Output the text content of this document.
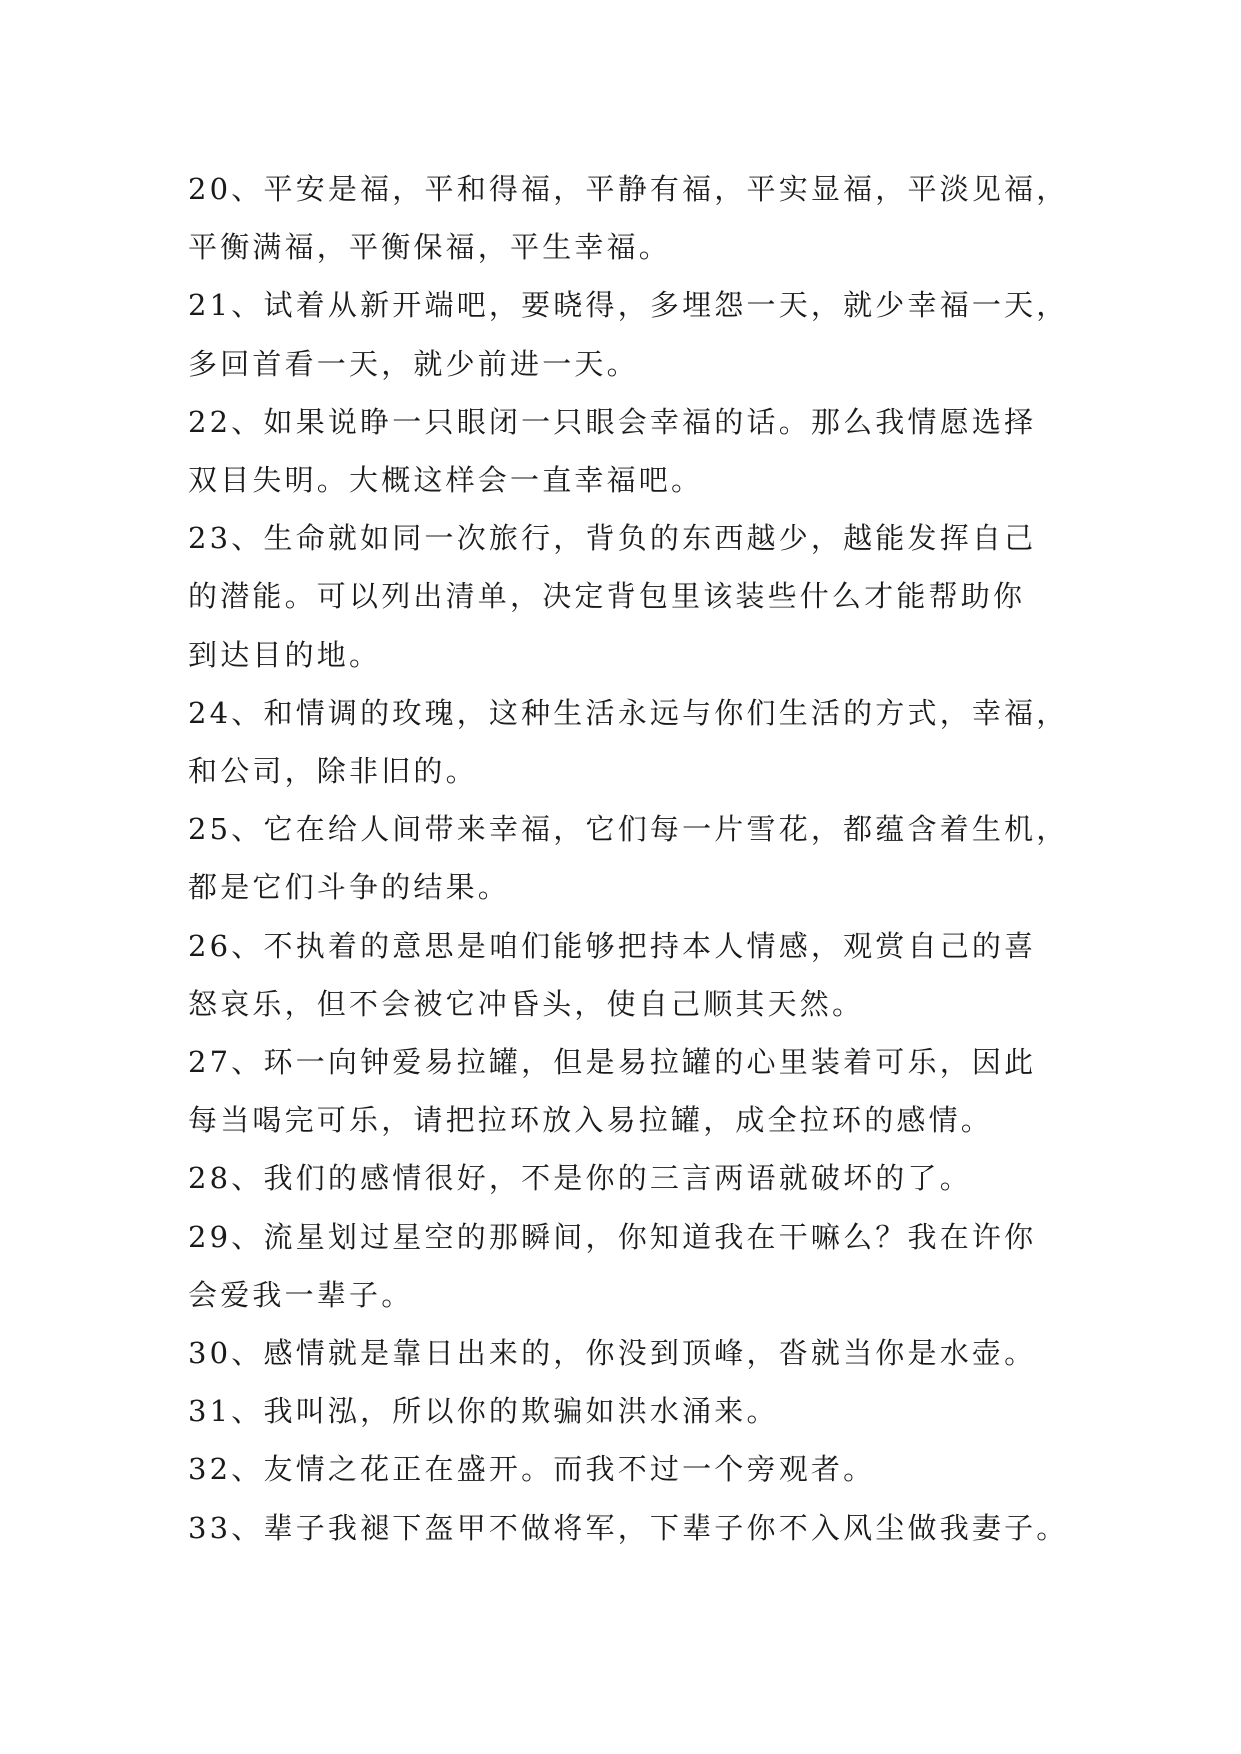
20、平安是福，平和得福，平静有福，平实显福，平淡见福，
平衡满福，平衡保福，平生幸福。
21、试着从新开端吧，要晓得，多埋怨一天，就少幸福一天，
多回首看一天，就少前进一天。
22、如果说睁一只眼闭一只眼会幸福的话。那么我情愿选择
双目失明。大概这样会一直幸福吧。
23、生命就如同一次旅行，背负的东西越少，越能发挥自己
的潜能。可以列出清单，决定背包里该装些什么才能帮助你
到达目的地。
24、和情调的玫瑰，这种生活永远与你们生活的方式，幸福，
和公司，除非旧的。
25、它在给人间带来幸福，它们每一片雪花，都蕴含着生机，
都是它们斗争的结果。
26、不执着的意思是咱们能够把持本人情感，观赏自己的喜
怒哀乐，但不会被它冲昏头，使自己顺其天然。
27、环一向钟爱易拉罐，但是易拉罐的心里装着可乐，因此
每当喝完可乐，请把拉环放入易拉罐，成全拉环的感情。
28、我们的感情很好，不是你的三言两语就破坏的了。
29、流星划过星空的那瞬间，你知道我在干嘛么？我在许你
会爱我一辈子。
30、感情就是靠日出来的，你没到顶峰，沓就当你是水壶。
31、我叫泓，所以你的欺骗如洪水涌来。
32、友情之花正在盛开。而我不过一个旁观者。
33、辈子我褪下盔甲不做将军，下辈子你不入风尘做我妻子。
